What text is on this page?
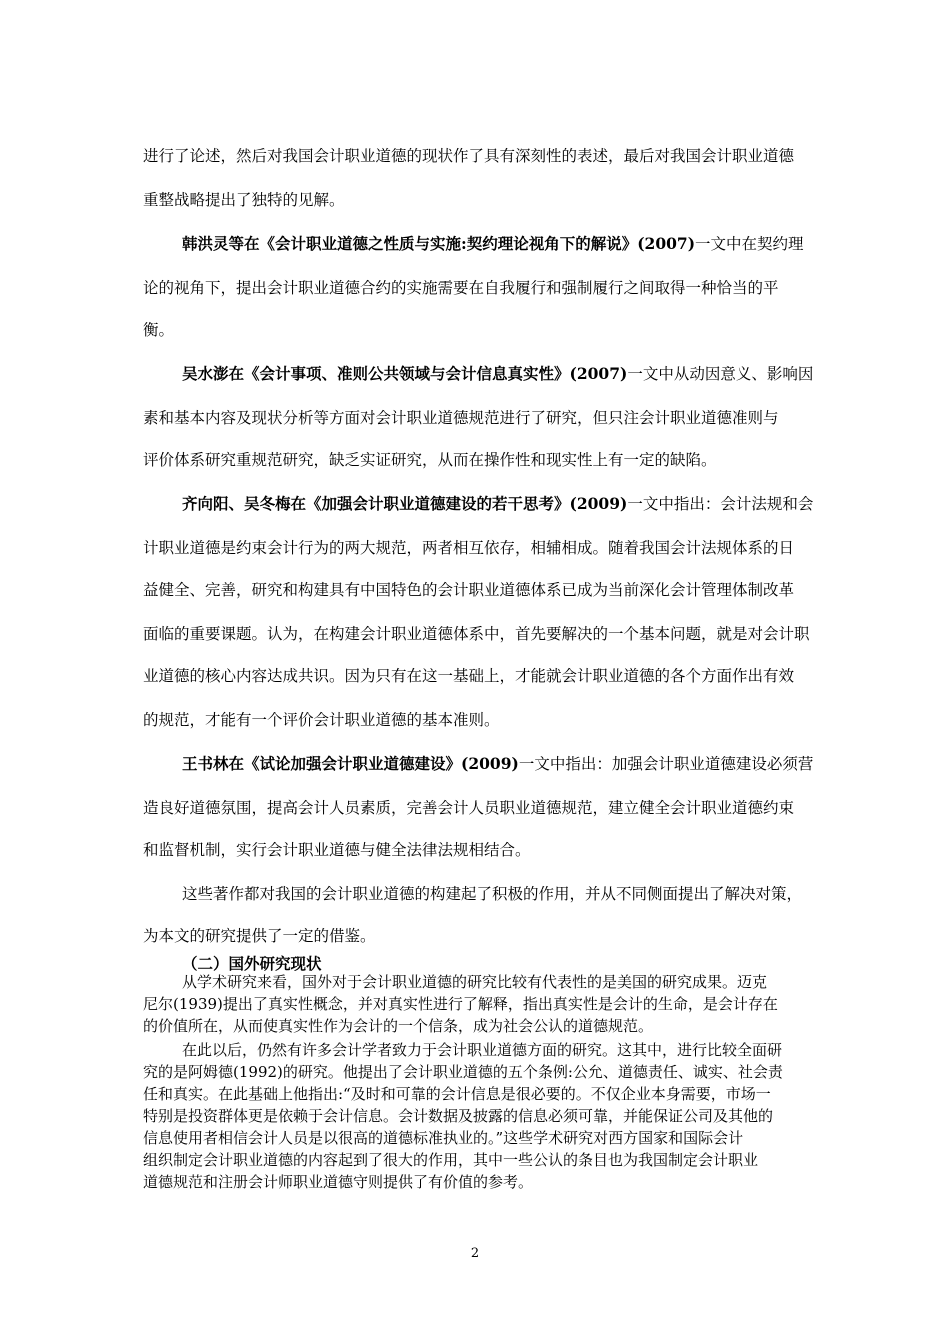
进行了论述，然后对我国会计职业道德的现状作了具有深刻性的表述，最后对我国会计职业道德
重整战略提出了独特的见解。
韩洪灵等在《会计职业道德之性质与实施:契约理论视角下的解说》(2007)一文中在契约理
论的视角下，提出会计职业道德合约的实施需要在自我履行和强制履行之间取得一种恰当的平
衡。
吴水澎在《会计事项、准则公共领域与会计信息真实性》(2007)一文中从动因意义、影响因
素和基本内容及现状分析等方面对会计职业道德规范进行了研究，但只注会计职业道德准则与
评价体系研究重规范研究，缺乏实证研究，从而在操作性和现实性上有一定的缺陷。
齐向阳、吴冬梅在《加强会计职业道德建设的若干思考》(2009)一文中指出：会计法规和会
计职业道德是约束会计行为的两大规范，两者相互依存，相辅相成。随着我国会计法规体系的日
益健全、完善，研究和构建具有中国特色的会计职业道德体系已成为当前深化会计管理体制改革
面临的重要课题。认为，在构建会计职业道德体系中，首先要解决的一个基本问题，就是对会计职
业道德的核心内容达成共识。因为只有在这一基础上，才能就会计职业道德的各个方面作出有效
的规范，才能有一个评价会计职业道德的基本准则。
王书林在《试论加强会计职业道德建设》(2009)一文中指出：加强会计职业道德建设必须营
造良好道德氛围，提高会计人员素质，完善会计人员职业道德规范，建立健全会计职业道德约束
和监督机制，实行会计职业道德与健全法律法规相结合。
这些著作都对我国的会计职业道德的构建起了积极的作用，并从不同侧面提出了解决对策，
为本文的研究提供了一定的借鉴。
（二）国外研究现状
从学术研究来看，国外对于会计职业道德的研究比较有代表性的是美国的研究成果。迈克
尼尔(1939)提出了真实性概念，并对真实性进行了解释，指出真实性是会计的生命，是会计存在
的价值所在，从而使真实性作为会计的一个信条，成为社会公认的道德规范。
在此以后，仍然有许多会计学者致力于会计职业道德方面的研究。这其中，进行比较全面研
究的是阿姆德(1992)的研究。他提出了会计职业道德的五个条例:公允、道德责任、诚实、社会责
任和真实。在此基础上他指出:“及时和可靠的会计信息是很必要的。不仅企业本身需要，市场一
特别是投资群体更是依赖于会计信息。会计数据及披露的信息必须可靠，并能保证公司及其他的
信息使用者相信会计人员是以很高的道德标准执业的。”这些学术研究对西方国家和国际会计
组织制定会计职业道德的内容起到了很大的作用，其中一些公认的条目也为我国制定会计职业
道德规范和注册会计师职业道德守则提供了有价值的参考。
2
